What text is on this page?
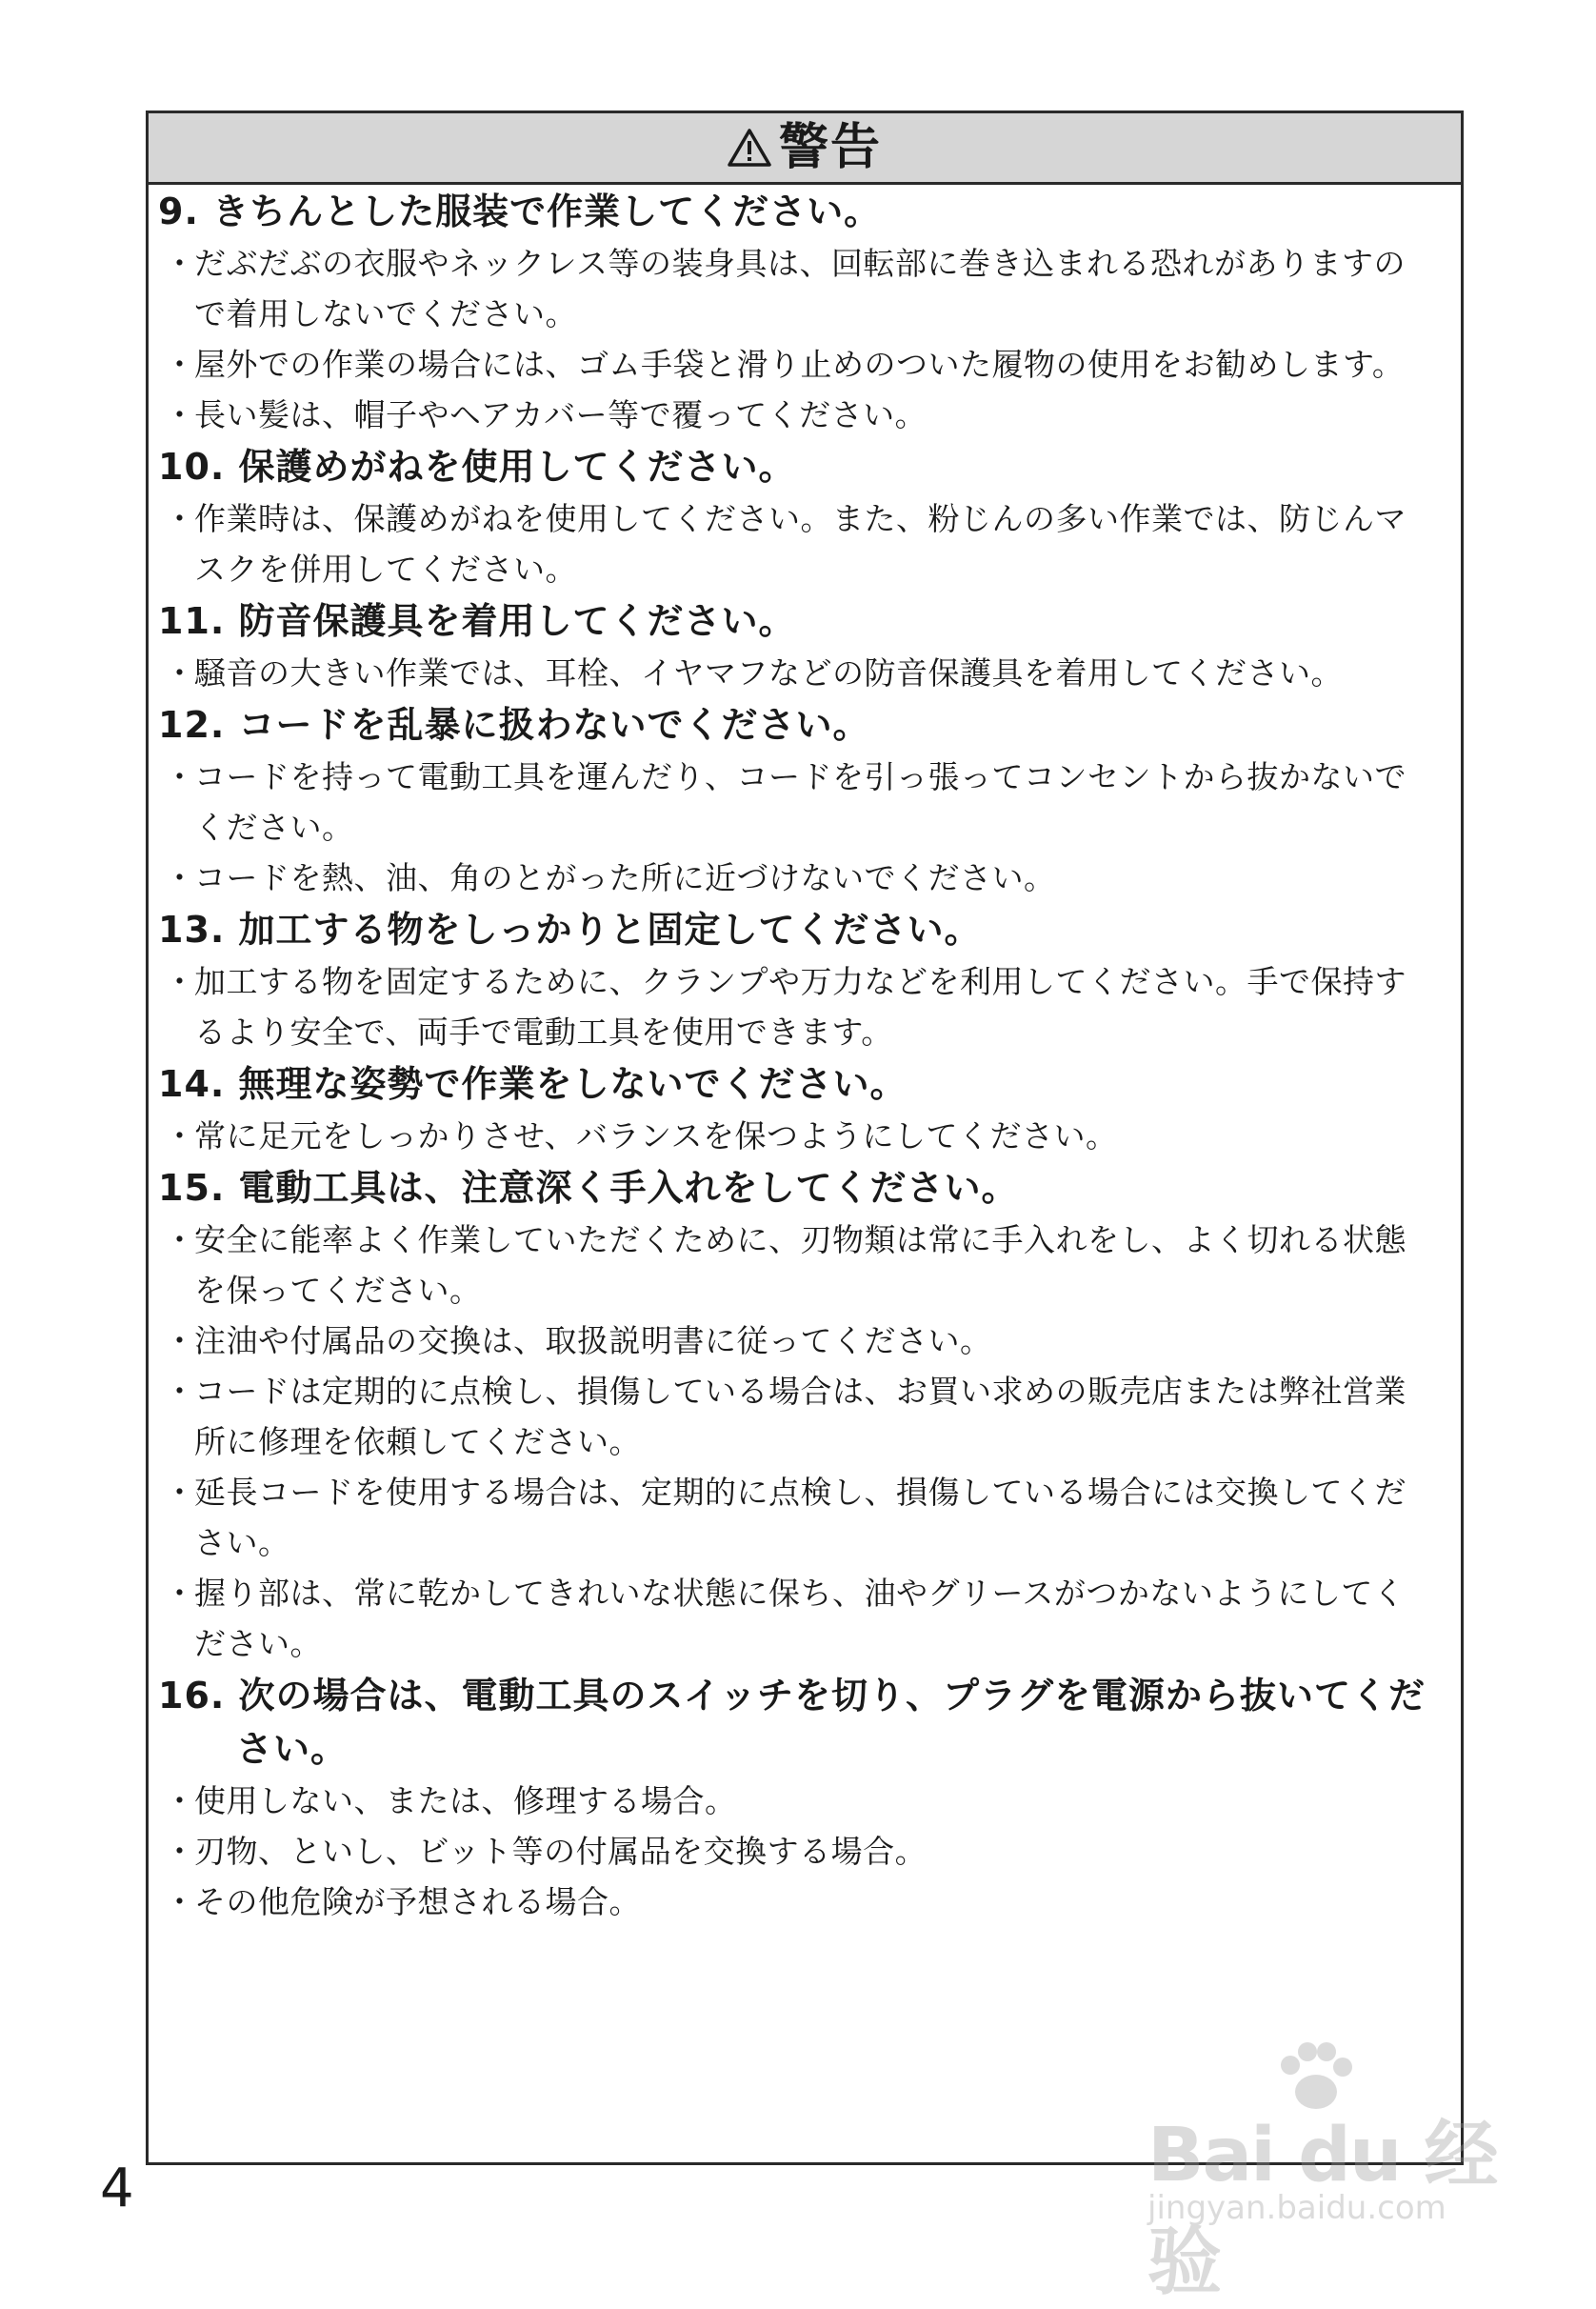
警告

9. きちんとした服装で作業してください。

・
だぶだぶの衣服やネックレス等の装身具は、回転部に巻き込まれる恐れがありますので着用しないでください。
・
屋外での作業の場合には、ゴム手袋と滑り止めのついた履物の使用をお勧めします。
・
長い髪は、帽子やヘアカバー等で覆ってください。

10. 保護めがねを使用してください。

・
作業時は、保護めがねを使用してください。また、粉じんの多い作業では、防じんマスクを併用してください。

11. 防音保護具を着用してください。

・
騒音の大きい作業では、耳栓、イヤマフなどの防音保護具を着用してください。

12. コードを乱暴に扱わないでください。

・
コードを持って電動工具を運んだり、コードを引っ張ってコンセントから抜かないでください。
・
コードを熱、油、角のとがった所に近づけないでください。

13. 加工する物をしっかりと固定してください。

・
加工する物を固定するために、クランプや万力などを利用してください。手で保持するより安全で、両手で電動工具を使用できます。

14. 無理な姿勢で作業をしないでください。

・
常に足元をしっかりさせ、バランスを保つようにしてください。

15. 電動工具は、注意深く手入れをしてください。

・
安全に能率よく作業していただくために、刃物類は常に手入れをし、よく切れる状態を保ってください。
・
注油や付属品の交換は、取扱説明書に従ってください。
・
コードは定期的に点検し、損傷している場合は、お買い求めの販売店または弊社営業所に修理を依頼してください。
・
延長コードを使用する場合は、定期的に点検し、損傷している場合には交換してください。
・
握り部は、常に乾かしてきれいな状態に保ち、油やグリースがつかないようにしてください。

16. 次の場合は、電動工具のスイッチを切り、プラグを電源から抜いてください。

・
使用しない、または、修理する場合。
・
刃物、といし、ビット等の付属品を交換する場合。
・
その他危険が予想される場合。
4	Bai du 经验
jingyan.baidu.com
